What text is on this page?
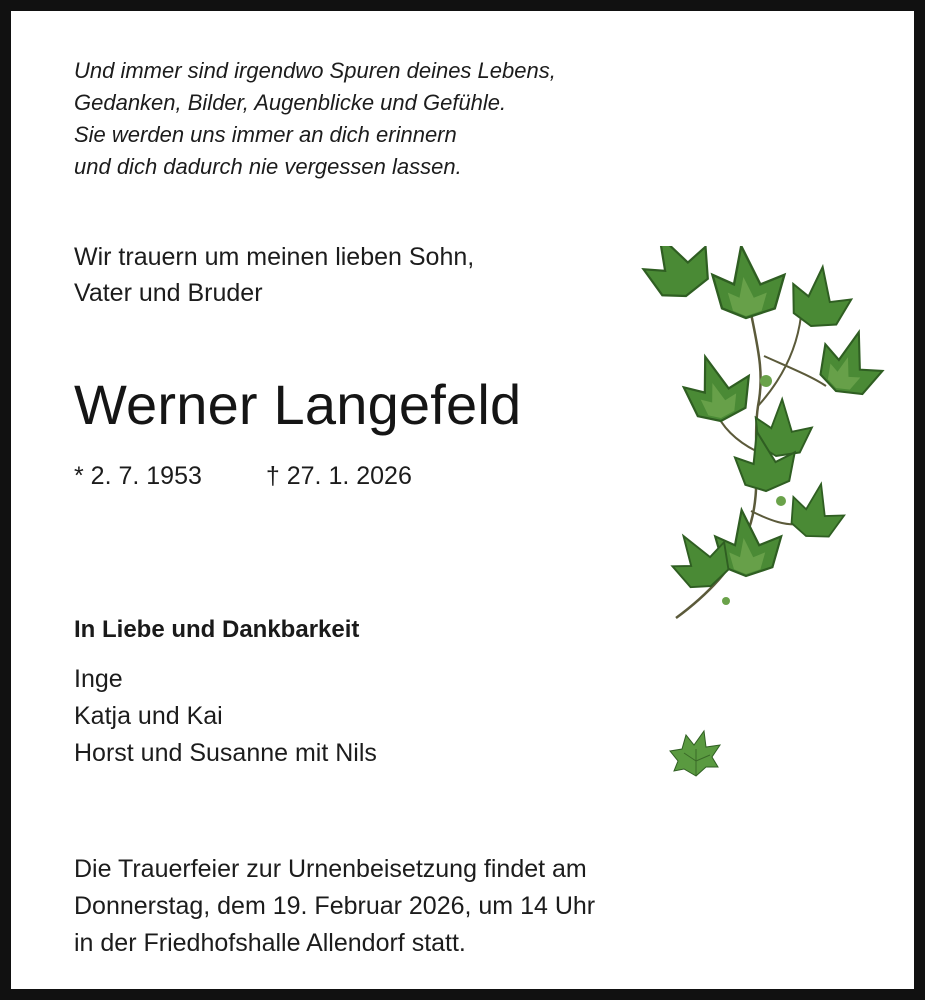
Und immer sind irgendwo Spuren deines Lebens,
Gedanken, Bilder, Augenblicke und Gefühle.
Sie werden uns immer an dich erinnern
und dich dadurch nie vergessen lassen.
Wir trauern um meinen lieben Sohn,
Vater und Bruder
Werner Langefeld
* 2. 7. 1953	† 27. 1. 2026
In Liebe und Dankbarkeit
Inge
Katja und Kai
Horst und Susanne mit Nils
Die Trauerfeier zur Urnenbeisetzung findet am
Donnerstag, dem 19. Februar 2026, um 14 Uhr
in der Friedhofshalle Allendorf statt.
